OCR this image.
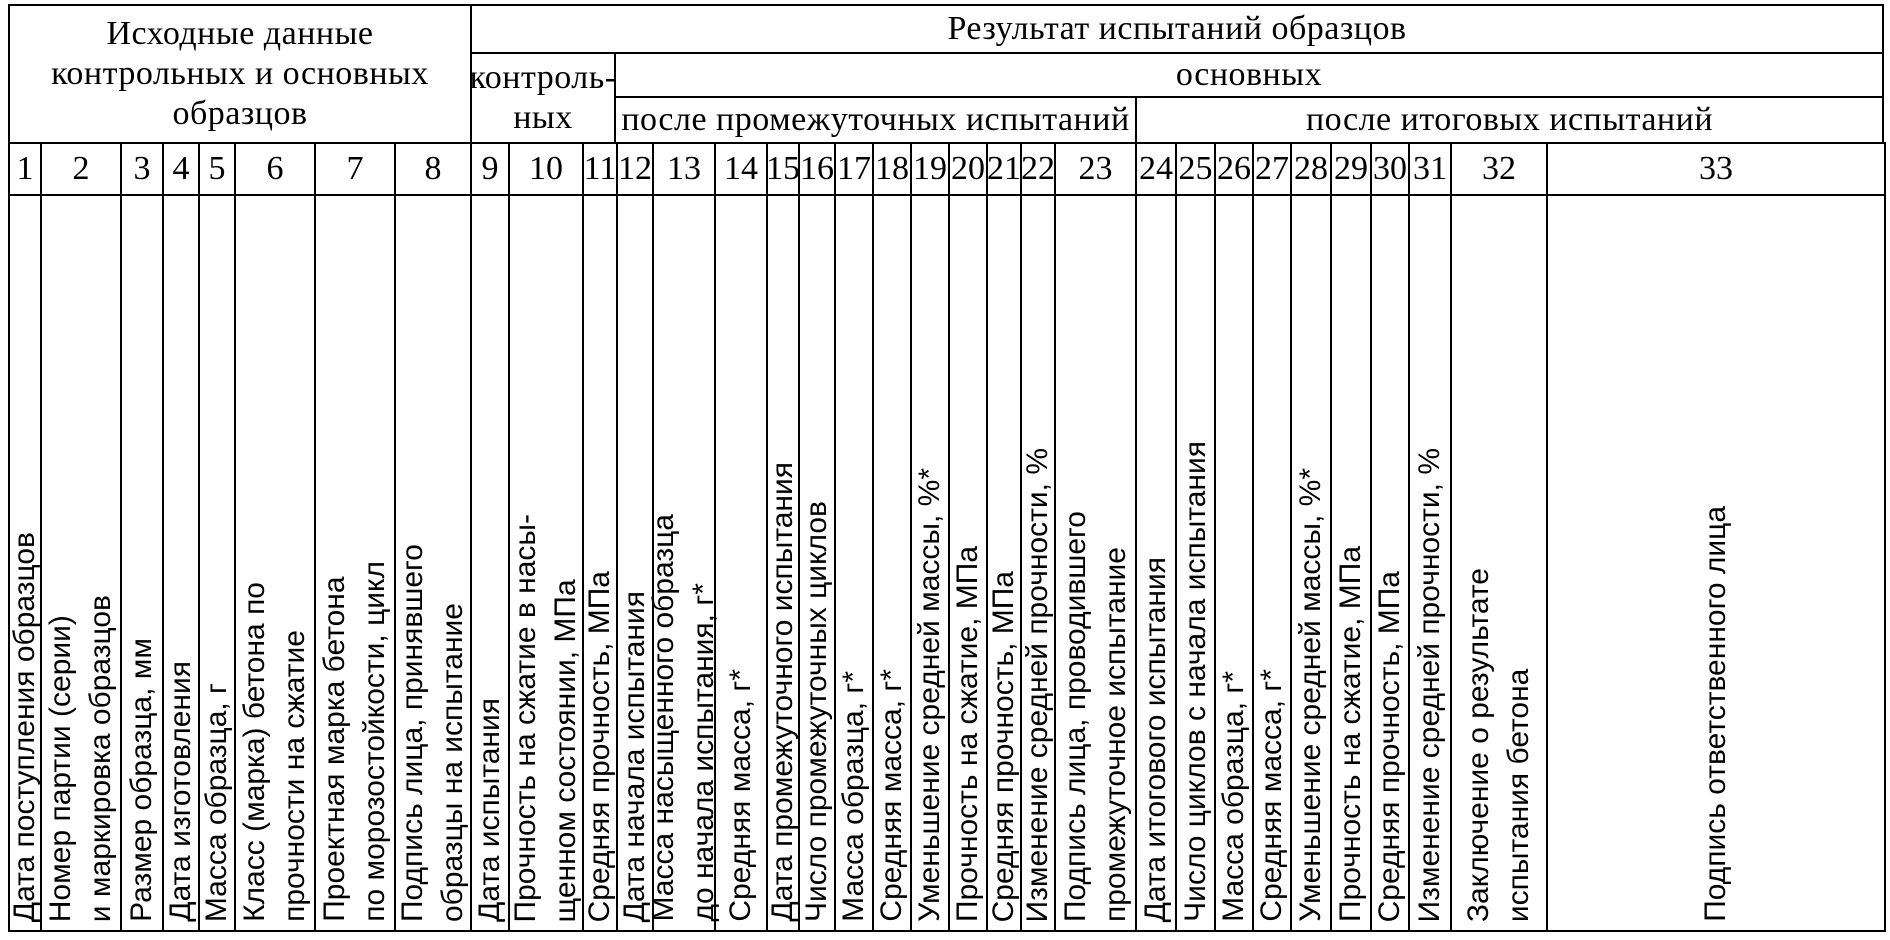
Исходные данные контрольных и основных образцов
Результат испытаний образцов
контроль-ных
основных
после промежуточных испытаний	после итоговых испытаний
1
Дата поступления образцов
2
Номер партии (серии)
и маркировка образцов
3
Размер образца, мм
4
Дата изготовления
5
Масса образца, г
6
Класс (марка) бетона по
прочности на сжатие
7
Проектная марка бетона
по морозостойкости, цикл
8
Подпись лица, принявшего
образцы на испытание
9
Дата испытания
10
Прочность на сжатие в насы-
щенном состоянии, МПа
11
Средняя прочность, МПа
12
Дата начала испытания
13
Масса насыщенного образца
до начала испытания, г*
14
Средняя масса, г*
15
Дата промежуточного испытания
16
Число промежуточных циклов
17
Масса образца, г*
18
Средняя масса, г*
19
Уменьшение средней массы, %*
20
Прочность на сжатие, МПа
21
Средняя прочность, МПа
22
Изменение средней прочности, %
23
Подпись лица, проводившего
промежуточное испытание
24
Дата итогового испытания
25
Число циклов с начала испытания
26
Масса образца, г*
27
Средняя масса, г*
28
Уменьшение средней массы, %*
29
Прочность на сжатие, МПа
30
Средняя прочность, МПа
31
Изменение средней прочности, %
32
Заключение о результате
испытания бетона
33
Подпись ответственного лица
